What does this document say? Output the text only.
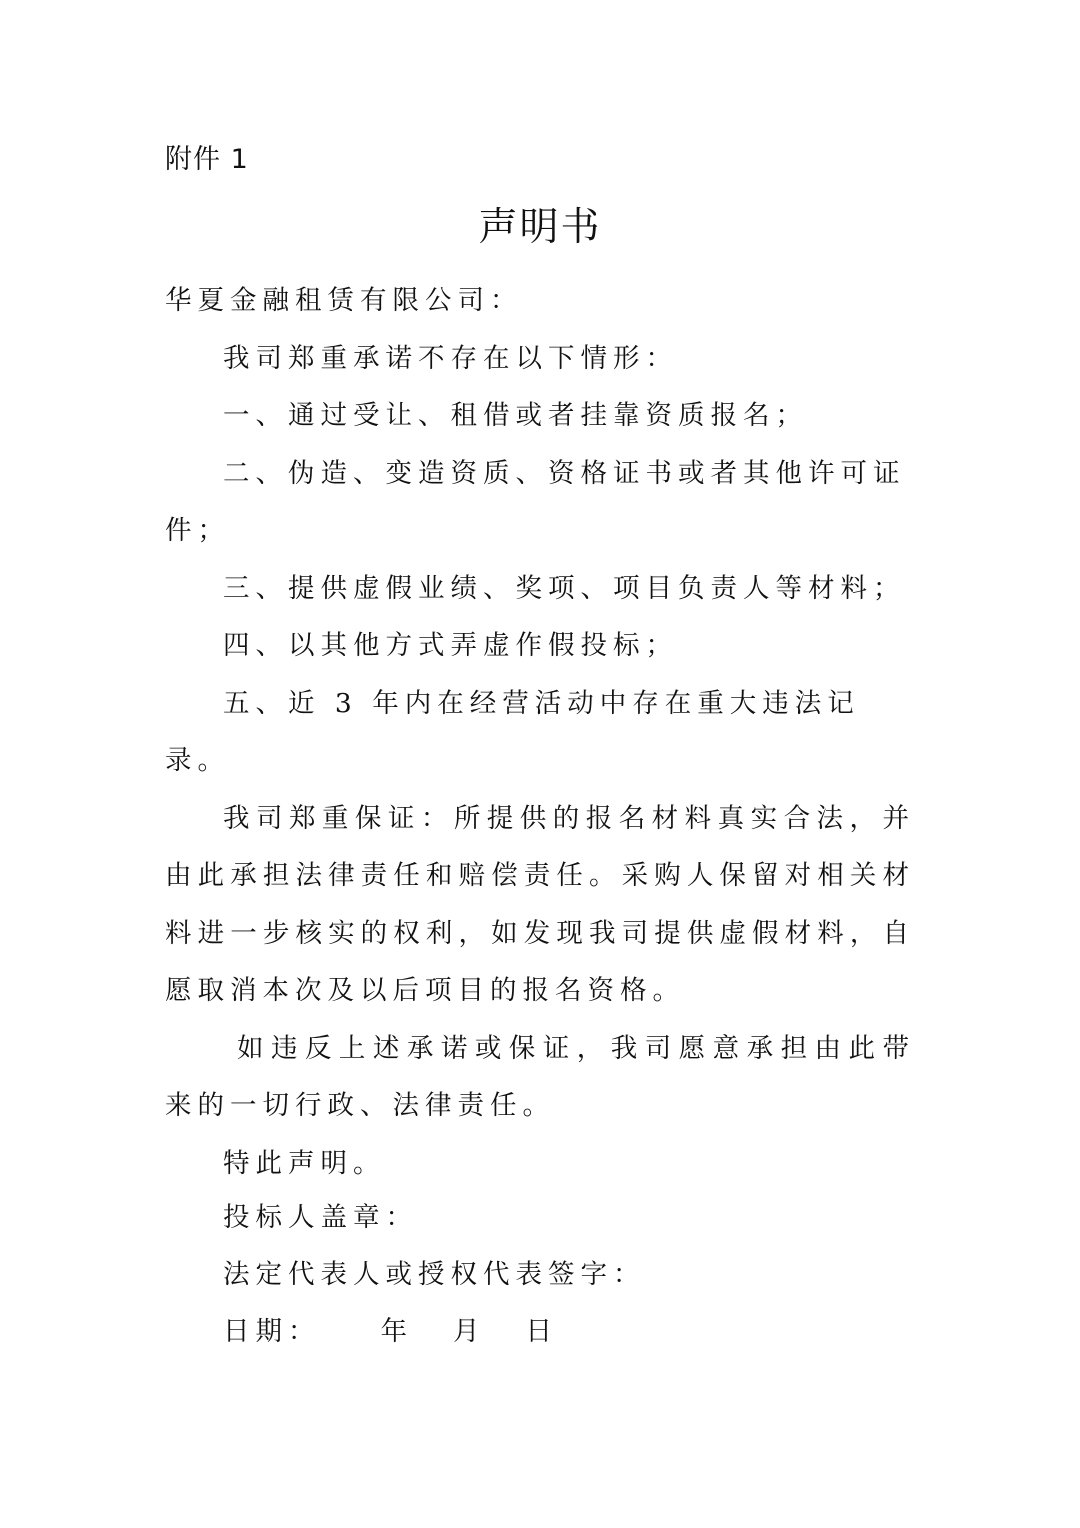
附件 1
声明书

华夏金融租赁有限公司：

我司郑重承诺不存在以下情形：

一、通过受让、租借或者挂靠资质报名；

二、伪造、变造资质、资格证书或者其他许可证件；

三、提供虚假业绩、奖项、项目负责人等材料；

四、以其他方式弄虚作假投标；

五、近 3 年内在经营活动中存在重大违法记录。

我司郑重保证：所提供的报名材料真实合法，并由此承担法律责任和赔偿责任。采购人保留对相关材料进一步核实的权利，如发现我司提供虚假材料，自愿取消本次及以后项目的报名资格。

如违反上述承诺或保证，我司愿意承担由此带来的一切行政、法律责任。

特此声明。

投标人盖章：
法定代表人或授权代表签字：
日期： 年 月 日
